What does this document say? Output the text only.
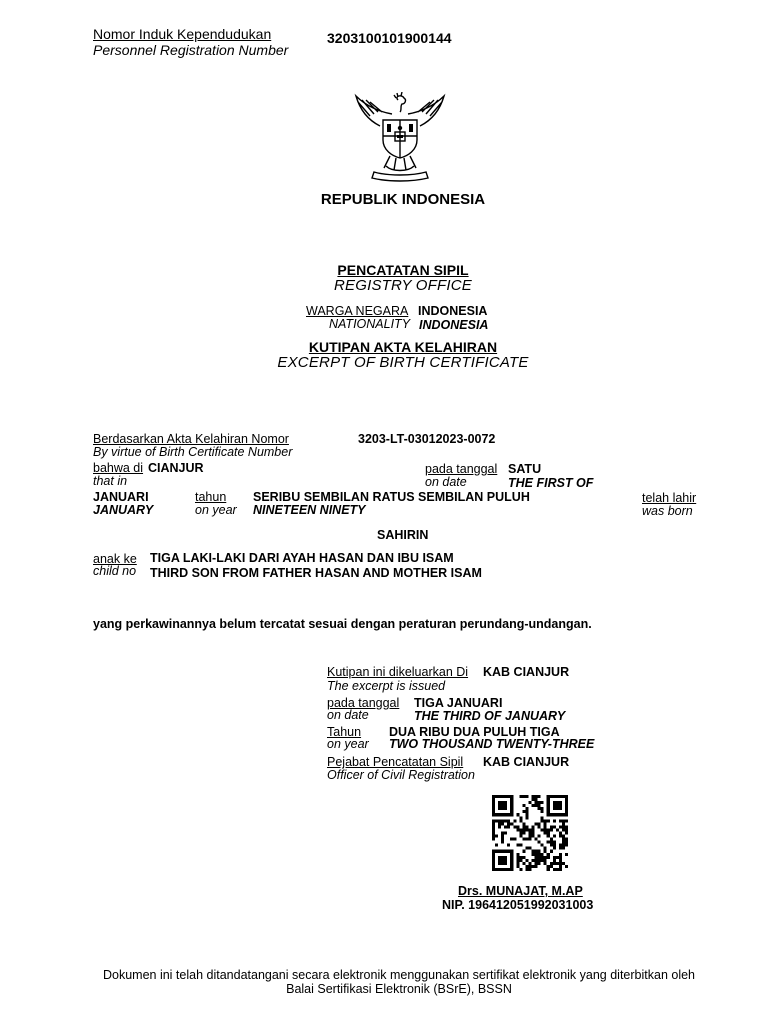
Nomor Induk Kependudukan
Personnel Registration Number
3203100101900144
REPUBLIK INDONESIA
PENCATATAN SIPIL
REGISTRY OFFICE
WARGA NEGARA INDONESIA
NATIONALITY INDONESIA
KUTIPAN AKTA KELAHIRAN
EXCERPT OF BIRTH CERTIFICATE
Berdasarkan Akta Kelahiran Nomor
By virtue of Birth Certificate Number
3203-LT-03012023-0072
bahwa di CIANJUR
that in
pada tanggal SATU
on date	THE FIRST OF
JANUARI
JANUARY
tahun
on year
SERIBU SEMBILAN RATUS SEMBILAN PULUH
NINETEEN NINETY
telah lahir
was born
SAHIRIN
anak ke
child no
TIGA LAKI-LAKI DARI AYAH HASAN DAN IBU ISAM
THIRD SON FROM FATHER HASAN AND MOTHER ISAM
yang perkawinannya belum tercatat sesuai dengan peraturan perundang-undangan.
Kutipan ini dikeluarkan Di
The excerpt is issued
KAB CIANJUR
pada tanggal
on date
TIGA JANUARI
THE THIRD OF JANUARY
Tahun
on year
DUA RIBU DUA PULUH TIGA
TWO THOUSAND TWENTY-THREE
Pejabat Pencatatan Sipil
Officer of Civil Registration
KAB CIANJUR
Drs. MUNAJAT, M.AP
NIP. 196412051992031003
Dokumen ini telah ditandatangani secara elektronik menggunakan sertifikat elektronik yang diterbitkan oleh
Balai Sertifikasi Elektronik (BSrE), BSSN
